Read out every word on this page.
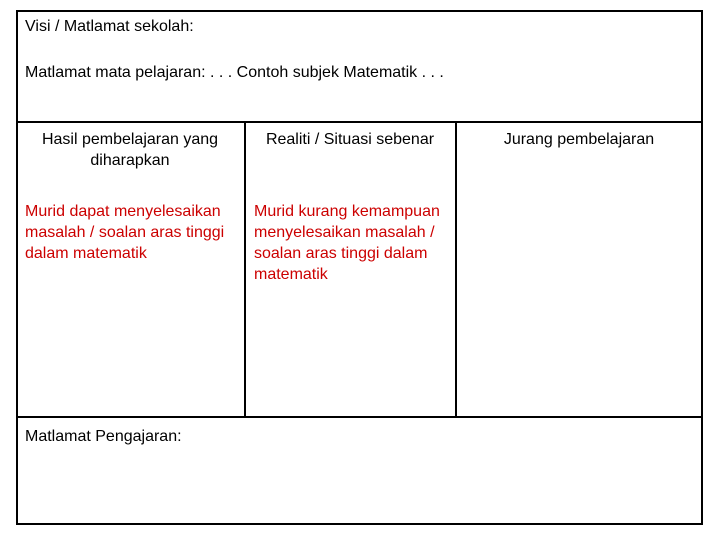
Visi / Matlamat sekolah:

Matlamat mata pelajaran: . . . Contoh subjek Matematik . . .

Hasil pembelajaran yang diharapkan

Realiti / Situasi sebenar	Jurang pembelajaran

Murid dapat menyelesaikan masalah / soalan aras tinggi dalam matematik

Murid kurang kemampuan menyelesaikan masalah / soalan aras tinggi dalam matematik

Matlamat Pengajaran:
